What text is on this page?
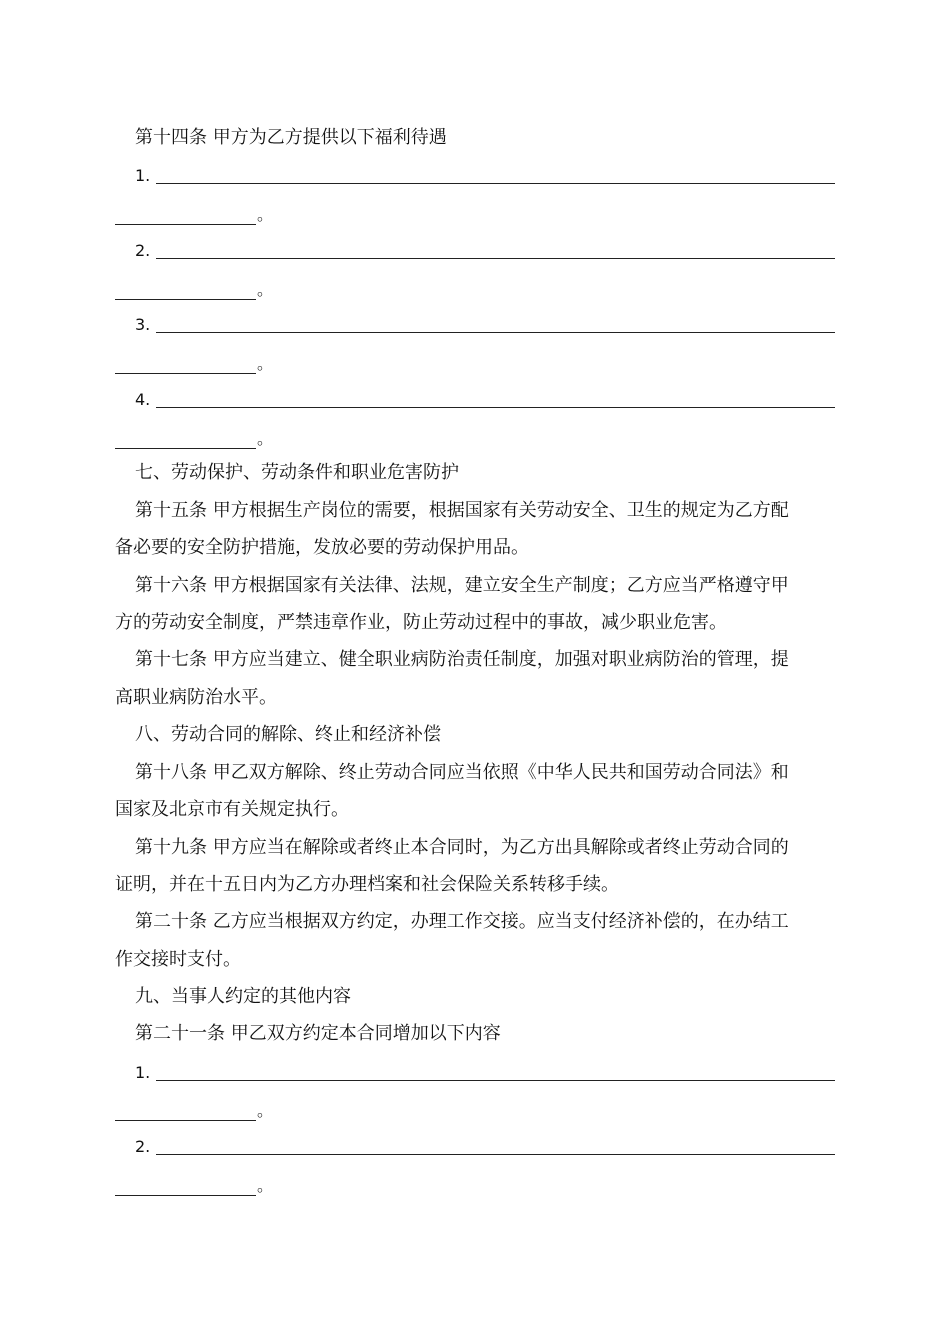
第十四条 甲方为乙方提供以下福利待遇
1.
。
2.
。
3.
。
4.
。
七、劳动保护、劳动条件和职业危害防护
第十五条 甲方根据生产岗位的需要，根据国家有关劳动安全、卫生的规定为乙方配
备必要的安全防护措施，发放必要的劳动保护用品。
第十六条 甲方根据国家有关法律、法规，建立安全生产制度；乙方应当严格遵守甲
方的劳动安全制度，严禁违章作业，防止劳动过程中的事故，减少职业危害。
第十七条 甲方应当建立、健全职业病防治责任制度，加强对职业病防治的管理，提
高职业病防治水平。
八、劳动合同的解除、终止和经济补偿
第十八条 甲乙双方解除、终止劳动合同应当依照《中华人民共和国劳动合同法》和
国家及北京市有关规定执行。
第十九条 甲方应当在解除或者终止本合同时，为乙方出具解除或者终止劳动合同的
证明，并在十五日内为乙方办理档案和社会保险关系转移手续。
第二十条 乙方应当根据双方约定，办理工作交接。应当支付经济补偿的，在办结工
作交接时支付。
九、当事人约定的其他内容
第二十一条 甲乙双方约定本合同增加以下内容
1.
。
2.
。
